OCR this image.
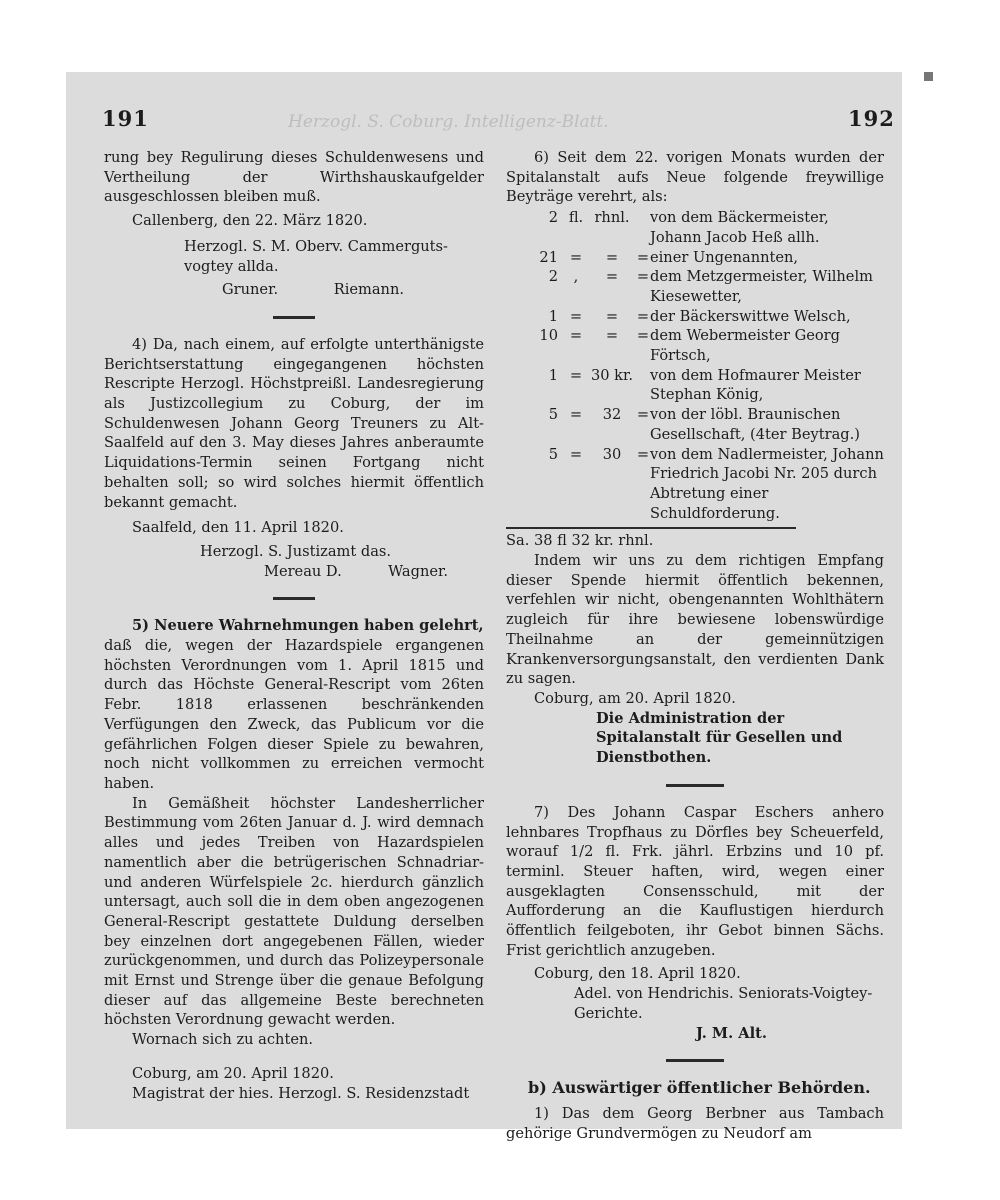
Herzogl. S. Coburg. Intelligenz-Blatt.
191	192

rung bey Regulirung dieses Schuldenwesens und Vertheilung der Wirthshauskaufgelder ausgeschlossen bleiben muß.

Callenberg, den 22. März 1820.

Herzogl. S. M. Oberv. Cammerguts-vogtey allda.

Gruner.	Riemann.

4) Da, nach einem, auf erfolgte unterthänigste Berichtserstattung eingegangenen höchsten Rescripte Herzogl. Höchstpreißl. Landesregierung als Justizcollegium zu Coburg, der im Schuldenwesen Johann Georg Treuners zu Alt-Saalfeld auf den 3. May dieses Jahres anberaumte Liquidations-Termin seinen Fortgang nicht behalten soll; so wird solches hiermit öffentlich bekannt gemacht.

Saalfeld, den 11. April 1820.

Herzogl. S. Justizamt das.

Mereau D.	Wagner.

5) Neuere Wahrnehmungen haben gelehrt,

daß die, wegen der Hazardspiele ergangenen höchsten Verordnungen vom 1. April 1815 und durch das Höchste General-Rescript vom 26ten Febr. 1818 erlassenen beschränkenden Verfügungen den Zweck, das Publicum vor die gefährlichen Folgen dieser Spiele zu bewahren, noch nicht vollkommen zu erreichen vermocht haben.

In Gemäßheit höchster Landesherrlicher Bestimmung vom 26ten Januar d. J. wird demnach alles und jedes Treiben von Hazardspielen namentlich aber die betrügerischen Schnadriar- und anderen Würfelspiele 2c. hierdurch gänzlich untersagt, auch soll die in dem oben angezogenen General-Rescript gestattete Duldung derselben bey einzelnen dort angegebenen Fällen, wieder zurückgenommen, und durch das Polizeypersonale mit Ernst und Strenge über die genaue Befolgung dieser auf das allgemeine Beste berechneten höchsten Verordnung gewacht werden.

Wornach sich zu achten.

Coburg, am 20. April 1820.

Magistrat der hies. Herzogl. S. Residenzstadt

6) Seit dem 22. vorigen Monats wurden der Spitalanstalt aufs Neue folgende freywillige Beyträge verehrt, als:

2	fl.	rhnl.		von dem Bäckermeister, Johann Jacob Heß allh.
21	=	=	=	einer Ungenannten,
2	,	=	=	dem Metzgermeister, Wilhelm Kiesewetter,
1	=	=	=	der Bäckerswittwe Welsch,
10	=	=	=	dem Webermeister Georg Förtsch,
1	=	30 kr.		von dem Hofmaurer Meister Stephan König,
5	=	32	=	von der löbl. Braunischen Gesellschaft, (4ter Beytrag.)
5	=	30	=	von dem Nadlermeister, Johann Friedrich Jacobi Nr. 205 durch Abtretung einer Schuldforderung.
Sa. 38 fl 32 kr. rhnl.

Indem wir uns zu dem richtigen Empfang dieser Spende hiermit öffentlich bekennen, verfehlen wir nicht, obengenannten Wohlthätern zugleich für ihre bewiesene lobenswürdige Theilnahme an der gemeinnützigen Krankenversorgungsanstalt, den verdienten Dank zu sagen.

Coburg, am 20. April 1820.

Die Administration der Spitalanstalt für Gesellen und Dienstbothen.

7) Des Johann Caspar Eschers anhero lehnbares Tropfhaus zu Dörfles bey Scheuerfeld, worauf 1/2 fl. Frk. jährl. Erbzins und 10 pf. terminl. Steuer haften, wird, wegen einer ausgeklagten Consensschuld, mit der Aufforderung an die Kauflustigen hierdurch öffentlich feilgeboten, ihr Gebot binnen Sächs. Frist gerichtlich anzugeben.

Coburg, den 18. April 1820.

Adel. von Hendrichis. Seniorats-Voigtey-Gerichte.

J. M. Alt.

b) Auswärtiger öffentlicher Behörden.

1) Das dem Georg Berbner aus Tambach gehörige Grundvermögen zu Neudorf am
